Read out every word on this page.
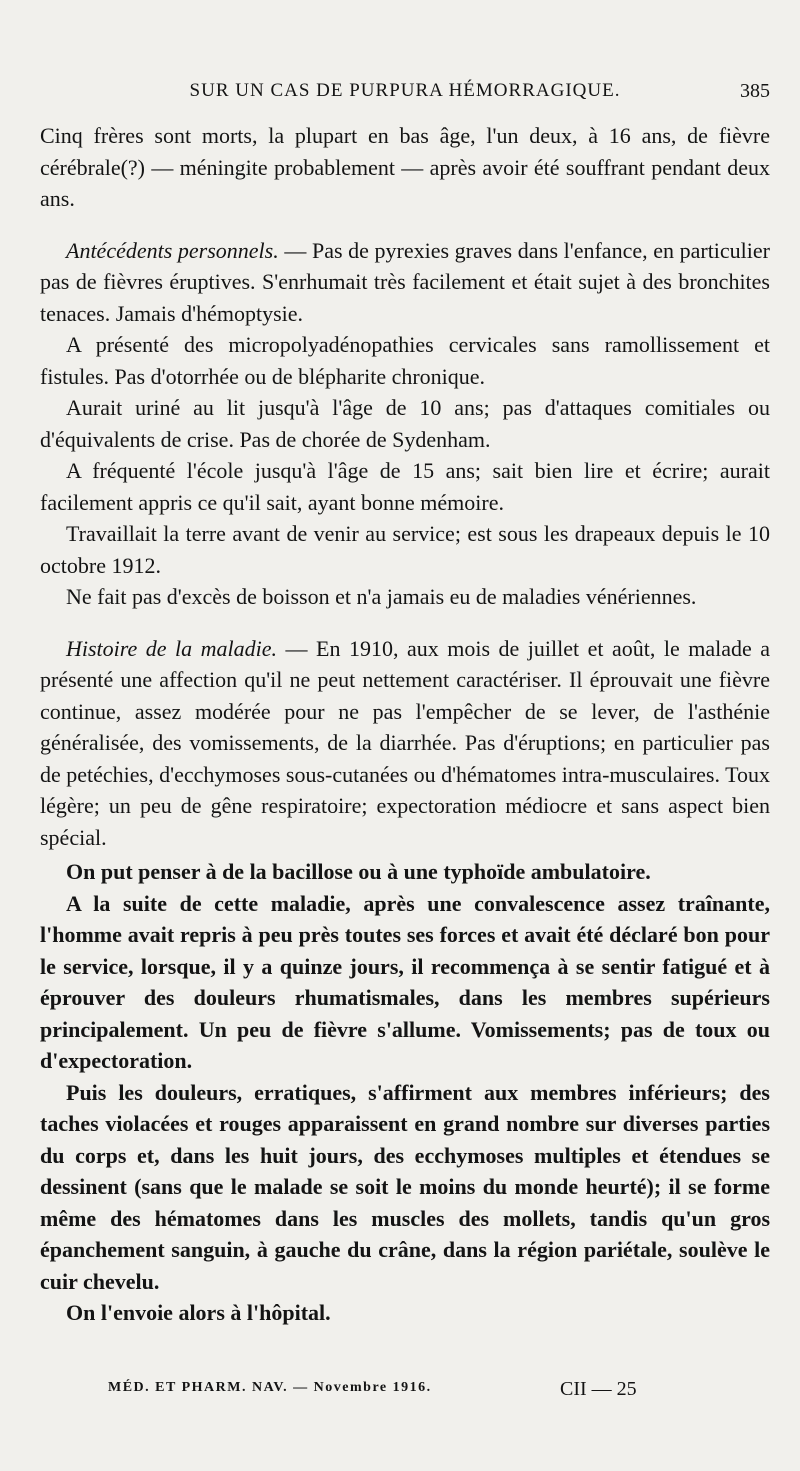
SUR UN CAS DE PURPURA HÉMORRAGIQUE.	385

Cinq frères sont morts, la plupart en bas âge, l'un deux, à 16 ans, de fièvre cérébrale(?) — méningite probablement — après avoir été souffrant pendant deux ans.

Antécédents personnels. — Pas de pyrexies graves dans l'enfance, en particulier pas de fièvres éruptives. S'enrhumait très facilement et était sujet à des bronchites tenaces. Jamais d'hémoptysie.

A présenté des micropolyadénopathies cervicales sans ramollissement et fistules. Pas d'otorrhée ou de blépharite chronique.

Aurait uriné au lit jusqu'à l'âge de 10 ans; pas d'attaques comitiales ou d'équivalents de crise. Pas de chorée de Sydenham.

A fréquenté l'école jusqu'à l'âge de 15 ans; sait bien lire et écrire; aurait facilement appris ce qu'il sait, ayant bonne mémoire.

Travaillait la terre avant de venir au service; est sous les drapeaux depuis le 10 octobre 1912.

Ne fait pas d'excès de boisson et n'a jamais eu de maladies vénériennes.

Histoire de la maladie. — En 1910, aux mois de juillet et août, le malade a présenté une affection qu'il ne peut nettement caractériser. Il éprouvait une fièvre continue, assez modérée pour ne pas l'empêcher de se lever, de l'asthénie généralisée, des vomissements, de la diarrhée. Pas d'éruptions; en particulier pas de petéchies, d'ecchymoses sous-cutanées ou d'hématomes intra-musculaires. Toux légère; un peu de gêne respiratoire; expectoration médiocre et sans aspect bien spécial.

On put penser à de la bacillose ou à une typhoïde ambulatoire.

A la suite de cette maladie, après une convalescence assez traînante, l'homme avait repris à peu près toutes ses forces et avait été déclaré bon pour le service, lorsque, il y a quinze jours, il recommença à se sentir fatigué et à éprouver des douleurs rhumatismales, dans les membres supérieurs principalement. Un peu de fièvre s'allume. Vomissements; pas de toux ou d'expectoration.

Puis les douleurs, erratiques, s'affirment aux membres inférieurs; des taches violacées et rouges apparaissent en grand nombre sur diverses parties du corps et, dans les huit jours, des ecchymoses multiples et étendues se dessinent (sans que le malade se soit le moins du monde heurté); il se forme même des hématomes dans les muscles des mollets, tandis qu'un gros épanchement sanguin, à gauche du crâne, dans la région pariétale, soulève le cuir chevelu.

On l'envoie alors à l'hôpital.

MÉD. ET PHARM. NAV. — Novembre 1916.	CII — 25
